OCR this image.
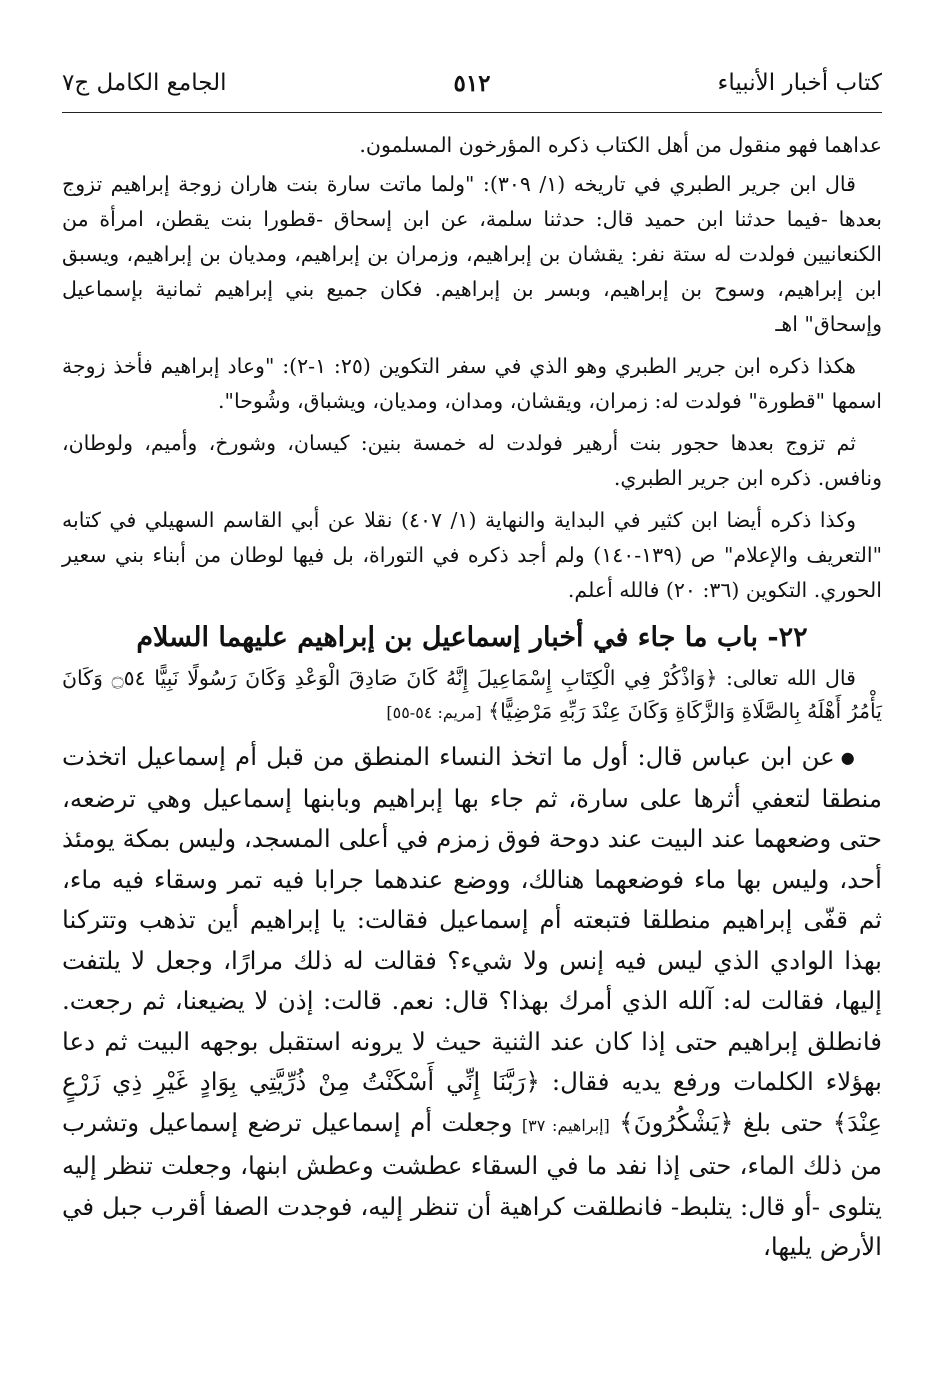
كتاب أخبار الأنبياء
٥١٢
الجامع الكامل ج٧

عداهما فهو منقول من أهل الكتاب ذكره المؤرخون المسلمون.

قال ابن جرير الطبري في تاريخه (١/ ٣٠٩): "ولما ماتت سارة بنت هاران زوجة إبراهيم تزوج بعدها -فيما حدثنا ابن حميد قال: حدثنا سلمة، عن ابن إسحاق -قطورا بنت يقطن، امرأة من الكنعانيين فولدت له ستة نفر: يقشان بن إبراهيم، وزمران بن إبراهيم، ومديان بن إبراهيم، ويسبق ابن إبراهيم، وسوح بن إبراهيم، وبسر بن إبراهيم. فكان جميع بني إبراهيم ثمانية بإسماعيل وإسحاق" اهـ

هكذا ذكره ابن جرير الطبري وهو الذي في سفر التكوين (٢٥: ١-٢): "وعاد إبراهيم فأخذ زوجة اسمها "قطورة" فولدت له: زمران، ويقشان، ومدان، ومديان، ويشباق، وشُوحا".

ثم تزوج بعدها حجور بنت أرهير فولدت له خمسة بنين: كيسان، وشورخ، وأميم، ولوطان، ونافس. ذكره ابن جرير الطبري.

وكذا ذكره أيضا ابن كثير في البداية والنهاية (١/ ٤٠٧) نقلا عن أبي القاسم السهيلي في كتابه "التعريف والإعلام" ص (١٣٩-١٤٠) ولم أجد ذكره في التوراة، بل فيها لوطان من أبناء بني سعير الحوري. التكوين (٣٦: ٢٠) فالله أعلم.

٢٢- باب ما جاء في أخبار إسماعيل بن إبراهيم عليهما السلام

قال الله تعالى: ﴿وَاذْكُرْ فِي الْكِتَابِ إِسْمَاعِيلَ إِنَّهُ كَانَ صَادِقَ الْوَعْدِ وَكَانَ رَسُولًا نَبِيًّا ۝٥٤ وَكَانَ يَأْمُرُ أَهْلَهُ بِالصَّلَاةِ وَالزَّكَاةِ وَكَانَ عِنْدَ رَبِّهِ مَرْضِيًّا﴾ [مريم: ٥٤-٥٥]

●عن ابن عباس قال: أول ما اتخذ النساء المنطق من قبل أم إسماعيل اتخذت منطقا لتعفي أثرها على سارة، ثم جاء بها إبراهيم وبابنها إسماعيل وهي ترضعه، حتى وضعهما عند البيت عند دوحة فوق زمزم في أعلى المسجد، وليس بمكة يومئذ أحد، وليس بها ماء فوضعهما هنالك، ووضع عندهما جرابا فيه تمر وسقاء فيه ماء، ثم قفّى إبراهيم منطلقا فتبعته أم إسماعيل فقالت: يا إبراهيم أين تذهب وتتركنا بهذا الوادي الذي ليس فيه إنس ولا شيء؟ فقالت له ذلك مرارًا، وجعل لا يلتفت إليها، فقالت له: آلله الذي أمرك بهذا؟ قال: نعم. قالت: إذن لا يضيعنا، ثم رجعت. فانطلق إبراهيم حتى إذا كان عند الثنية حيث لا يرونه استقبل بوجهه البيت ثم دعا بهؤلاء الكلمات ورفع يديه فقال: ﴿رَبَّنَا إِنِّي أَسْكَنْتُ مِنْ ذُرِّيَّتِي بِوَادٍ غَيْرِ ذِي زَرْعٍ عِنْدَ﴾ حتى بلغ ﴿يَشْكُرُونَ﴾ [إبراهيم: ٣٧] وجعلت أم إسماعيل ترضع إسماعيل وتشرب من ذلك الماء، حتى إذا نفد ما في السقاء عطشت وعطش ابنها، وجعلت تنظر إليه يتلوى -أو قال: يتلبط- فانطلقت كراهية أن تنظر إليه، فوجدت الصفا أقرب جبل في الأرض يليها،
